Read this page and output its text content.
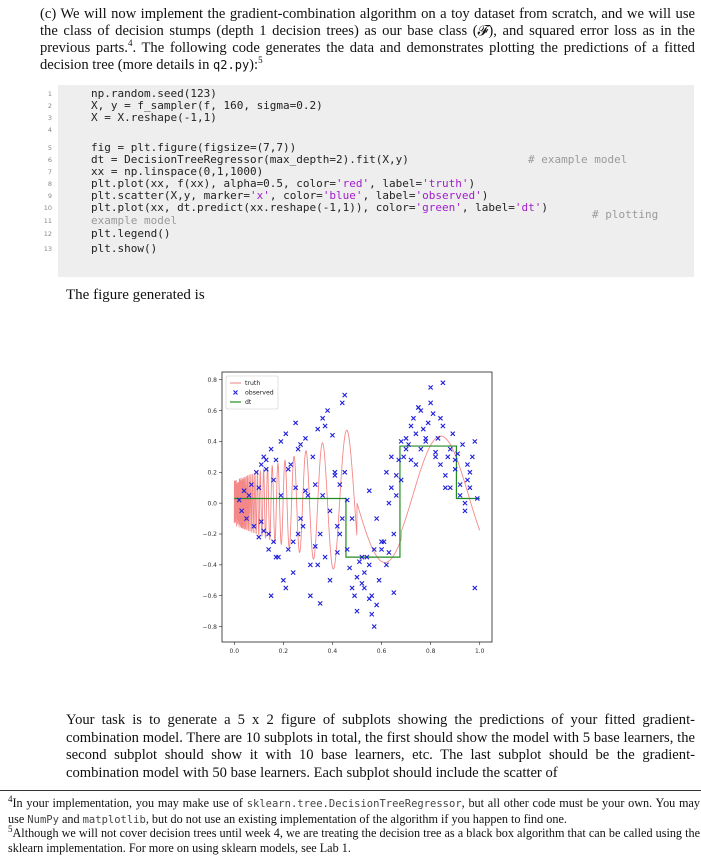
(c) We will now implement the gradient-combination algorithm on a toy dataset from scratch, and we will use the class of decision stumps (depth 1 decision trees) as our base class (𝓕), and squared error loss as in the previous parts.$^4$. The following code generates the data and demonstrates plotting the predictions of a fitted decision tree (more details in q2.py):$^5$
1
2
3
4
5
6
7
8
9
10
11
12
13
np.random.seed(123)
X, y = f_sampler(f, 160, sigma=0.2)
X = X.reshape(-1,1)
fig = plt.figure(figsize=(7,7))
dt = DecisionTreeRegressor(max_depth=2).fit(X,y)
xx = np.linspace(0,1,1000)
plt.plot(xx, f(xx), alpha=0.5, color='red', label='truth')
plt.scatter(X,y, marker='x', color='blue', label='observed')
plt.plot(xx, dt.predict(xx.reshape(-1,1)), color='green', label='dt')
example model
plt.legend()
plt.show()
# example model
# plotting
The figure generated is
0.8
0.6
0.4
0.2
0.0
−0.2
−0.4
−0.6
−0.8
0.0	0.2	0.4	0.6	0.8	1.0
truth
observed
dt
Your task is to generate a 5 x 2 figure of subplots showing the predictions of your fitted gradient-combination model. There are 10 subplots in total, the first should show the model with 5 base learners, the second subplot should show it with 10 base learners, etc. The last subplot should be the gradient-combination model with 50 base learners. Each subplot should include the scatter of
$^4$In your implementation, you may make use of sklearn.tree.DecisionTreeRegressor, but all other code must be your own. You may use NumPy and matplotlib, but do not use an existing implementation of the algorithm if you happen to find one.
$^5$Although we will not cover decision trees until week 4, we are treating the decision tree as a black box algorithm that can be called using the sklearn implementation. For more on using sklearn models, see Lab 1.
